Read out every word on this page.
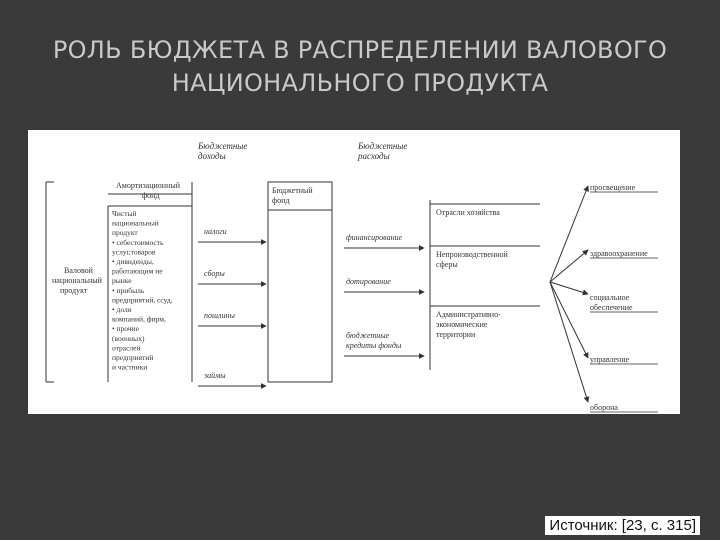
РОЛЬ БЮДЖЕТА В РАСПРЕДЕЛЕНИИ ВАЛОВОГО
НАЦИОНАЛЬНОГО ПРОДУКТА
Бюджетные
доходы
Бюджетные
расходы
Валовой
национальный
продукт
Амортизационный
фонд
Чистый
национальный
продукт
• себестоимость
услуг,товаров
• дивиденды,
работающим не
рынке
• прибыль
предприятий, ссуд,
• доля
компаний, фирм,
• прочие
(военных)
отраслей
предприятий
и частники
налоги
сборы
пошлины
займы
Бюджетный
фонд
финансирование
дотирование
бюджетные
кредиты фонды
Отрасли хозяйства
Непроизводственной
сферы
Административно-
экономические
территории
просвещение
здравоохранение
социальное
обеспечение
управление
оборона
Источник: [23, с. 315]
